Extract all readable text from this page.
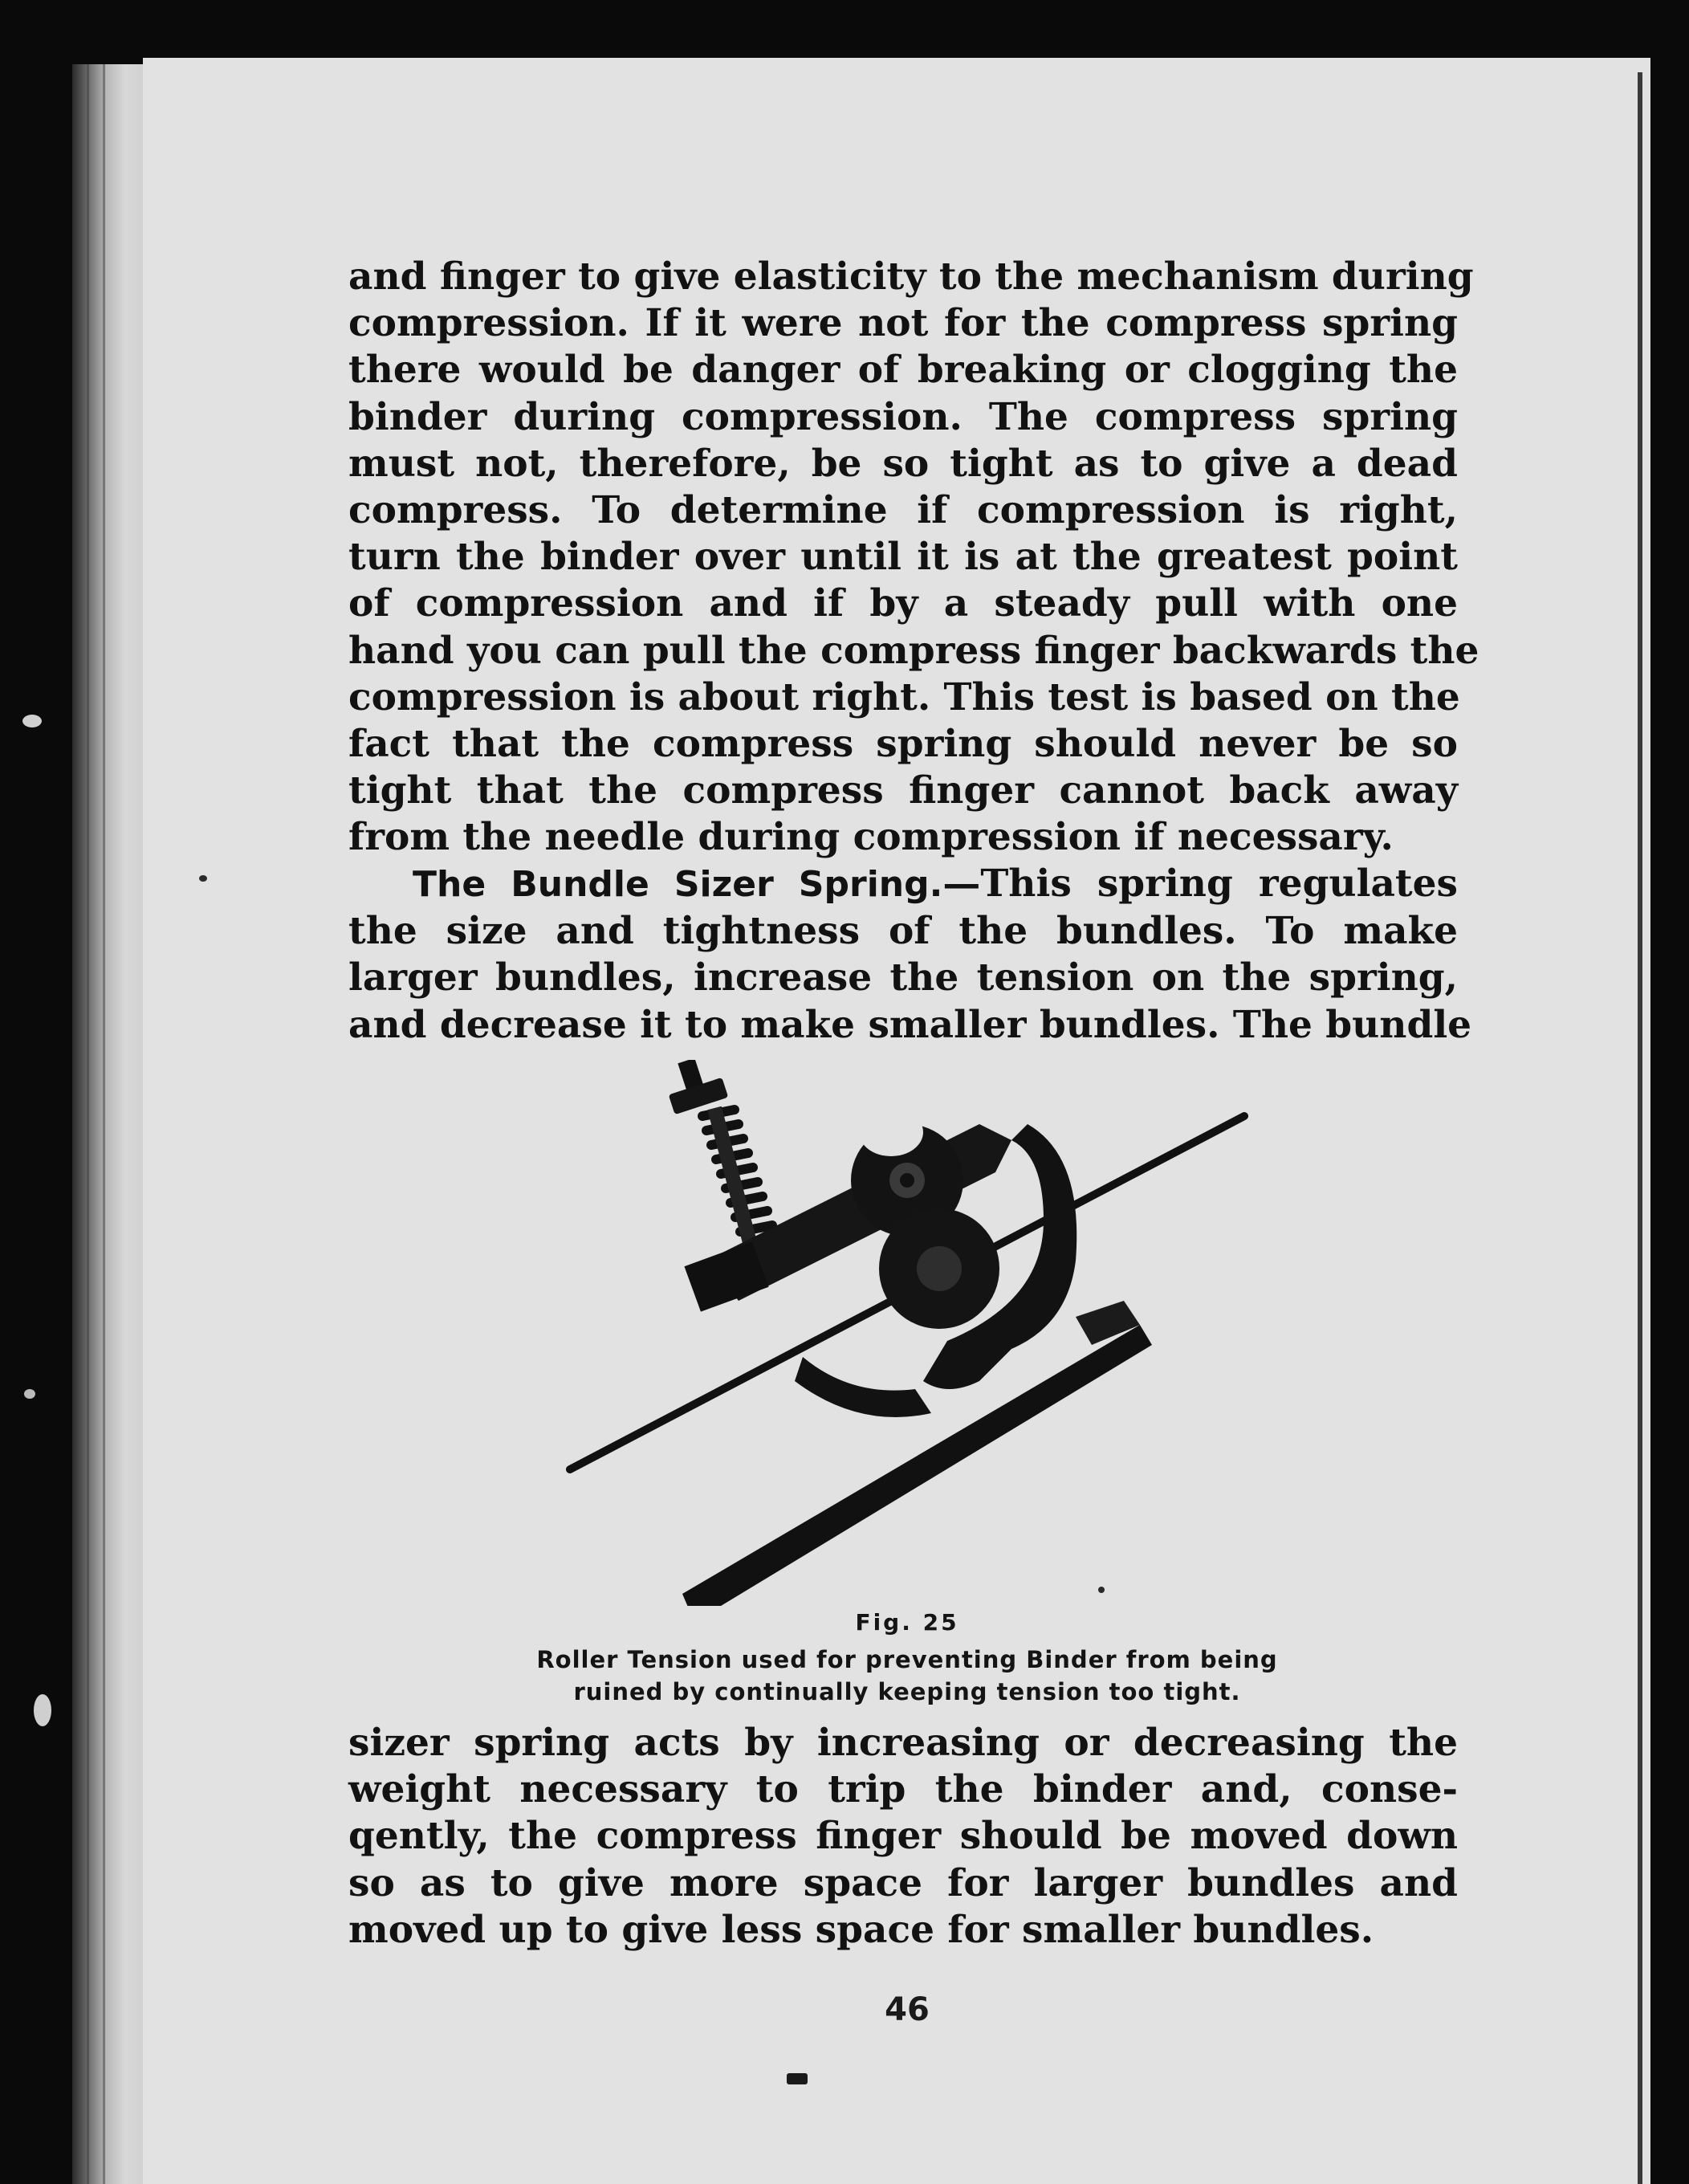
and finger to give elasticity to the mechanism during
compression. If it were not for the compress spring
there would be danger of breaking or clogging the
binder during compression. The compress spring
must not, therefore, be so tight as to give a dead
compress. To determine if compression is right,
turn the binder over until it is at the greatest point
of compression and if by a steady pull with one
hand you can pull the compress finger backwards the
compression is about right. This test is based on the
fact that the compress spring should never be so
tight that the compress finger cannot back away
from the needle during compression if necessary.
The Bundle Sizer Spring.—This spring regulates
the size and tightness of the bundles. To make
larger bundles, increase the tension on the spring,
and decrease it to make smaller bundles. The bundle
Fig. 25
Roller Tension used for preventing Binder from being
ruined by continually keeping tension too tight.
sizer spring acts by increasing or decreasing the
weight necessary to trip the binder and, conse-
qently, the compress finger should be moved down
so as to give more space for larger bundles and
moved up to give less space for smaller bundles.
46
